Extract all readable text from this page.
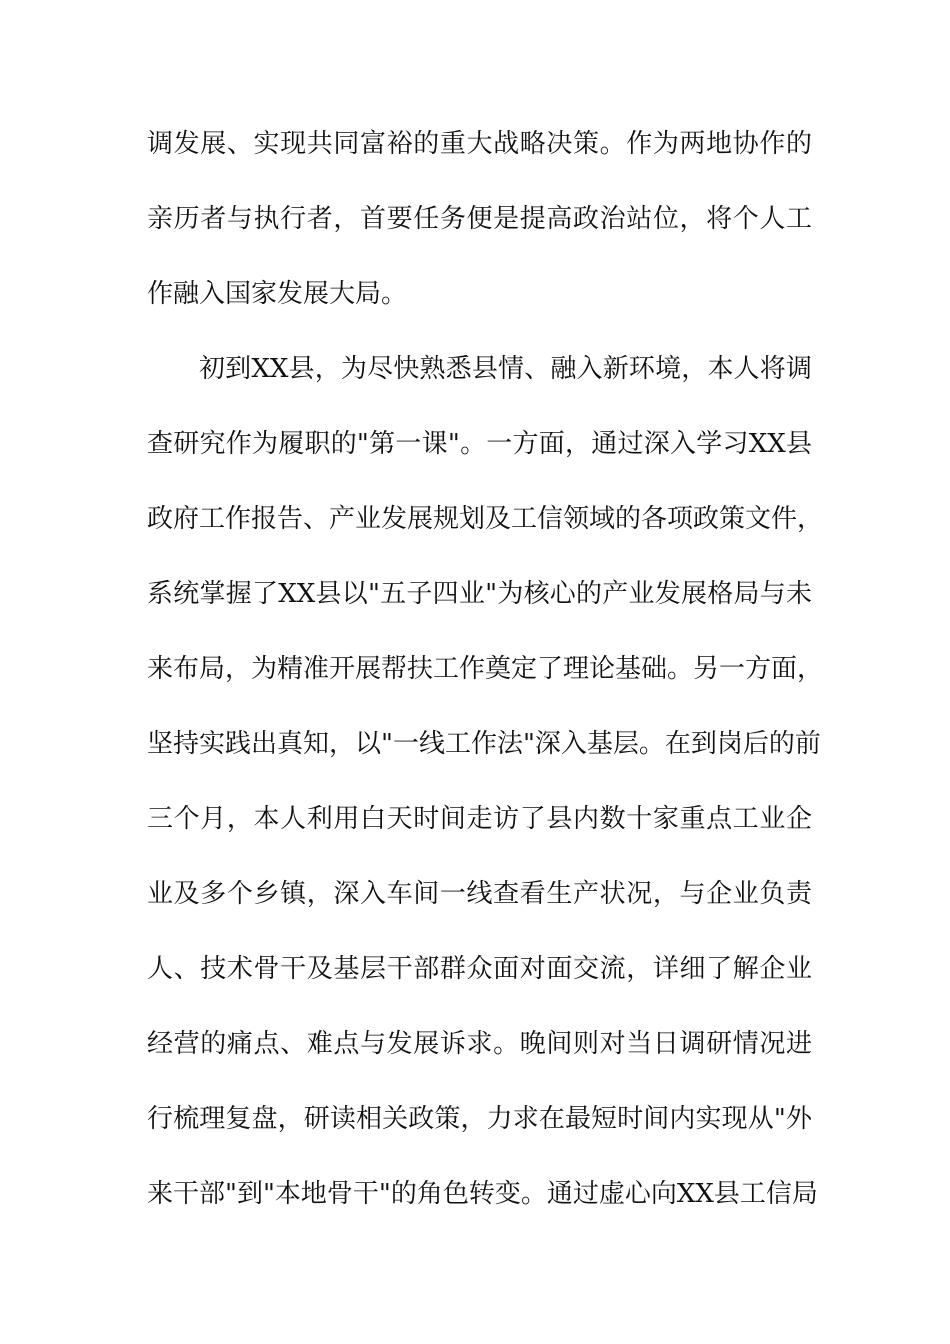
调发展、实现共同富裕的重大战略决策。作为两地协作的
亲历者与执行者，首要任务便是提高政治站位，将个人工
作融入国家发展大局。
初到XX县，为尽快熟悉县情、融入新环境，本人将调
查研究作为履职的"第一课"。一方面，通过深入学习XX县
政府工作报告、产业发展规划及工信领域的各项政策文件，
系统掌握了XX县以"五子四业"为核心的产业发展格局与未
来布局，为精准开展帮扶工作奠定了理论基础。另一方面，
坚持实践出真知，以"一线工作法"深入基层。在到岗后的前
三个月，本人利用白天时间走访了县内数十家重点工业企
业及多个乡镇，深入车间一线查看生产状况，与企业负责
人、技术骨干及基层干部群众面对面交流，详细了解企业
经营的痛点、难点与发展诉求。晚间则对当日调研情况进
行梳理复盘，研读相关政策，力求在最短时间内实现从"外
来干部"到"本地骨干"的角色转变。通过虚心向XX县工信局
